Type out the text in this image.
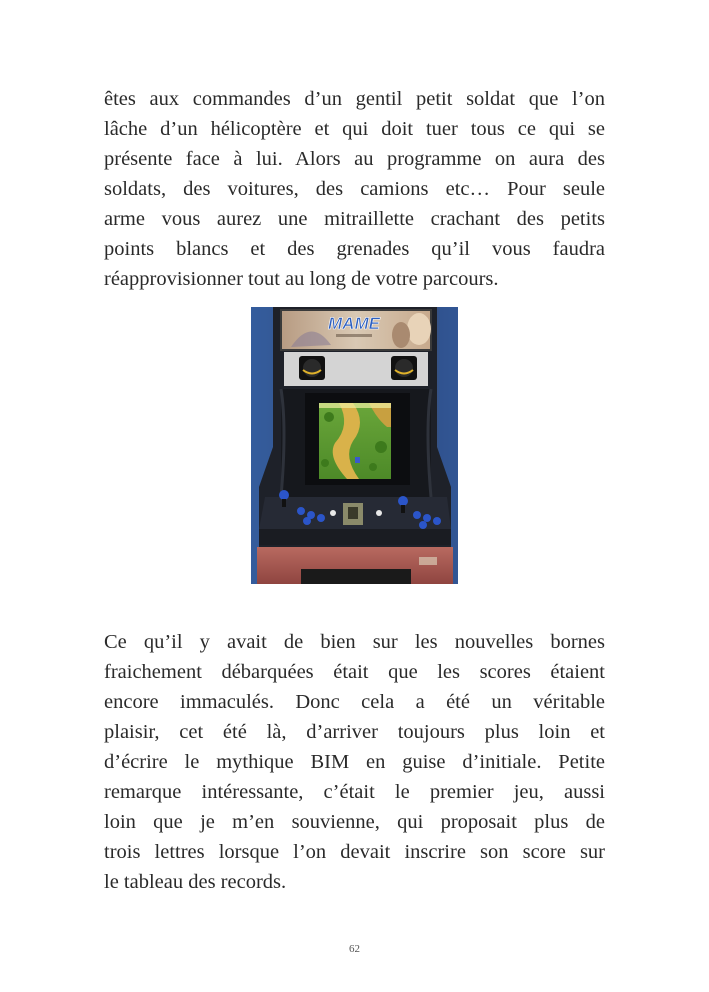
êtes aux commandes d’un gentil petit soldat que l’on
lâche d’un hélicoptère et qui doit tuer tous ce qui se
présente face à lui. Alors au programme on aura des
soldats, des voitures, des camions etc… Pour seule
arme vous aurez une mitraillette crachant des petits
points blancs et des grenades qu’il vous faudra
réapprovisionner tout au long de votre parcours.
MAME
Ce qu’il y avait de bien sur les nouvelles bornes
fraichement débarquées était que les scores étaient
encore immaculés. Donc cela a été un véritable
plaisir, cet été là, d’arriver toujours plus loin et
d’écrire le mythique BIM en guise d’initiale. Petite
remarque intéressante, c’était le premier jeu, aussi
loin que je m’en souvienne, qui proposait plus de
trois lettres lorsque l’on devait inscrire son score sur
le tableau des records.
62
